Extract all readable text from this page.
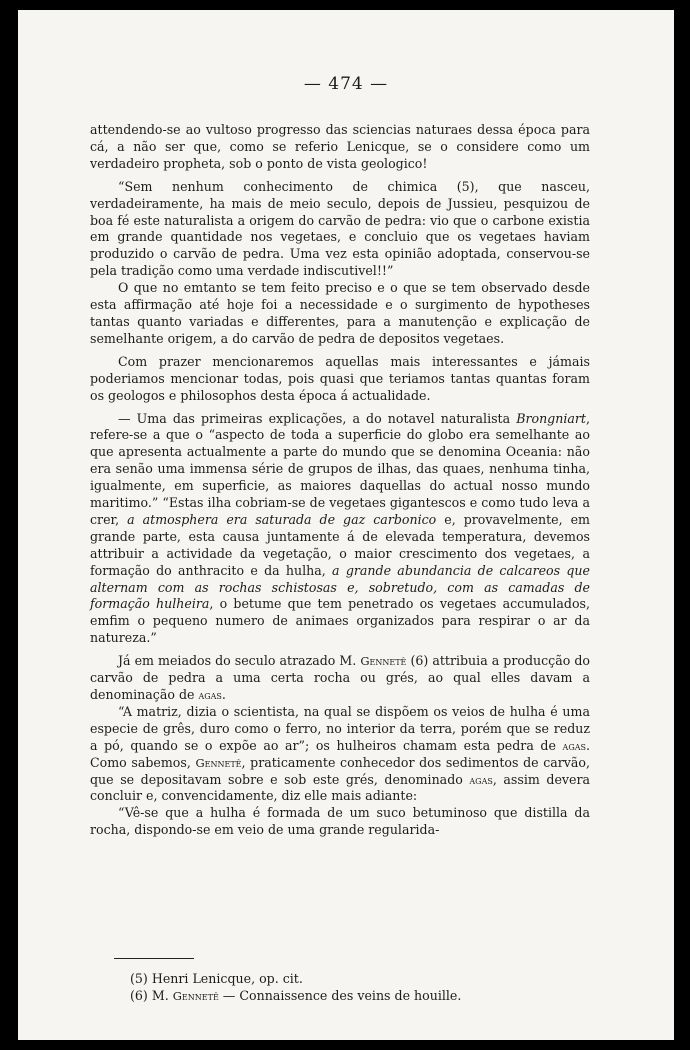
— 474 —

attendendo-se ao vultoso progresso das sciencias naturaes dessa época para cá, a não ser que, como se referio Lenicque, se o considere como um verdadeiro propheta, sob o ponto de vista geologico!

“Sem nenhum conhecimento de chimica (5), que nasceu, verdadeiramente, ha mais de meio seculo, depois de Jussieu, pesquizou de boa fé este naturalista a origem do carvão de pedra: vio que o carbone existia em grande quantidade nos vegetaes, e concluio que os vegetaes haviam produzido o carvão de pedra. Uma vez esta opinião adoptada, conservou-se pela tradição como uma verdade indiscutivel!!”

O que no emtanto se tem feito preciso e o que se tem observado desde esta affirmação até hoje foi a necessidade e o surgimento de hypotheses tantas quanto variadas e differentes, para a manutenção e explicação de semelhante origem, a do carvão de pedra de depositos vegetaes.

Com prazer mencionaremos aquellas mais interessantes e jámais poderiamos mencionar todas, pois quasi que teriamos tantas quantas foram os geologos e philosophos desta época á actualidade.

— Uma das primeiras explicações, a do notavel naturalista Brongniart, refere-se a que o “aspecto de toda a superficie do globo era semelhante ao que apresenta actualmente a parte do mundo que se denomina Oceania: não era senão uma immensa série de grupos de ilhas, das quaes, nenhuma tinha, igualmente, em superficie, as maiores daquellas do actual nosso mundo maritimo.” “Estas ilha cobriam-se de vegetaes gigantescos e como tudo leva a crer, a atmosphera era saturada de gaz carbonico e, provavelmente, em grande parte, esta causa juntamente á de elevada temperatura, devemos attribuir a actividade da vegetação, o maior crescimento dos vegetaes, a formação do anthracito e da hulha, a grande abundancia de calcareos que alternam com as rochas schistosas e, sobretudo, com as camadas de formação hulheira, o betume que tem penetrado os vegetaes accumulados, emfim o pequeno numero de animaes organizados para respirar o ar da natureza.”

Já em meiados do seculo atrazado M. Gennetê (6) attribuia a producção do carvão de pedra a uma certa rocha ou grés, ao qual elles davam a denominação de agas.

“A matriz, dizia o scientista, na qual se dispõem os veios de hulha é uma especie de grês, duro como o ferro, no interior da terra, porém que se reduz a pó, quando se o expõe ao ar”; os hulheiros chamam esta pedra de agas. Como sabemos, Gennetê, praticamente conhecedor dos sedimentos de carvão, que se depositavam sobre e sob este grés, denominado agas, assim devera concluir e, convencidamente, diz elle mais adiante:

“Vê-se que a hulha é formada de um suco betuminoso que distilla da rocha, dispondo-se em veio de uma grande regularida-

(5) Henri Lenicque, op. cit.
(6) M. Gennetê — Connaissence des veins de houille.
